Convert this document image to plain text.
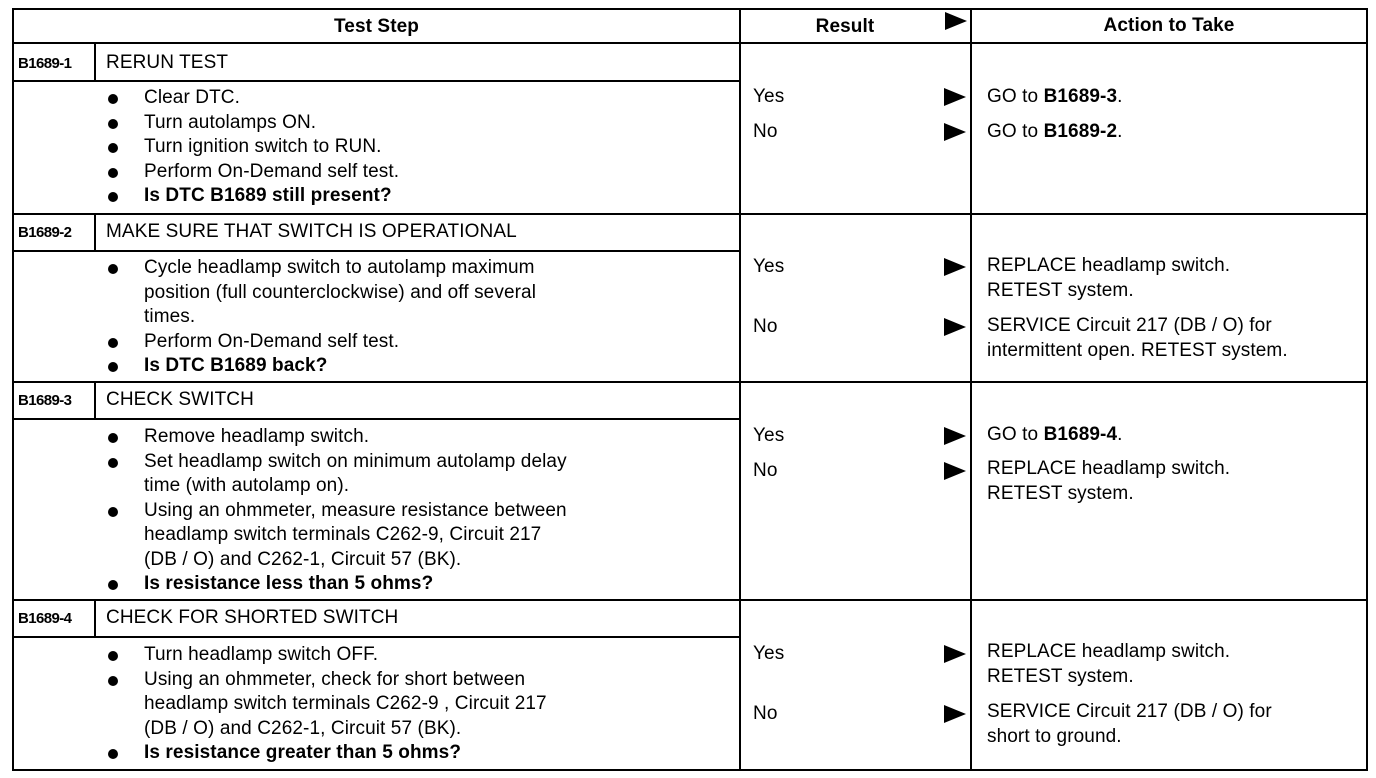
Test Step	Result	Action to Take
B1689-1 RERUN TEST
Clear DTC.
Turn autolamps ON.
Turn ignition switch to RUN.
Perform On-Demand self test.
Is DTC B1689 still present?
Yes	GO to B1689-3.
No	GO to B1689-2.
B1689-2 MAKE SURE THAT SWITCH IS OPERATIONAL
Cycle headlamp switch to autolamp maximum
position (full counterclockwise) and off several
times.
Perform On-Demand self test.
Is DTC B1689 back?
Yes	REPLACE headlamp switch.
RETEST system.
No	SERVICE Circuit 217 (DB / O) for
intermittent open. RETEST system.
B1689-3 CHECK SWITCH
Remove headlamp switch.
Set headlamp switch on minimum autolamp delay
time (with autolamp on).
Using an ohmmeter, measure resistance between
headlamp switch terminals C262-9, Circuit 217
(DB / O) and C262-1, Circuit 57 (BK).
Is resistance less than 5 ohms?
Yes	GO to B1689-4.
No	REPLACE headlamp switch.
RETEST system.
B1689-4 CHECK FOR SHORTED SWITCH
Turn headlamp switch OFF.
Using an ohmmeter, check for short between
headlamp switch terminals C262-9 , Circuit 217
(DB / O) and C262-1, Circuit 57 (BK).
Is resistance greater than 5 ohms?
Yes	REPLACE headlamp switch.
RETEST system.
No	SERVICE Circuit 217 (DB / O) for
short to ground.
